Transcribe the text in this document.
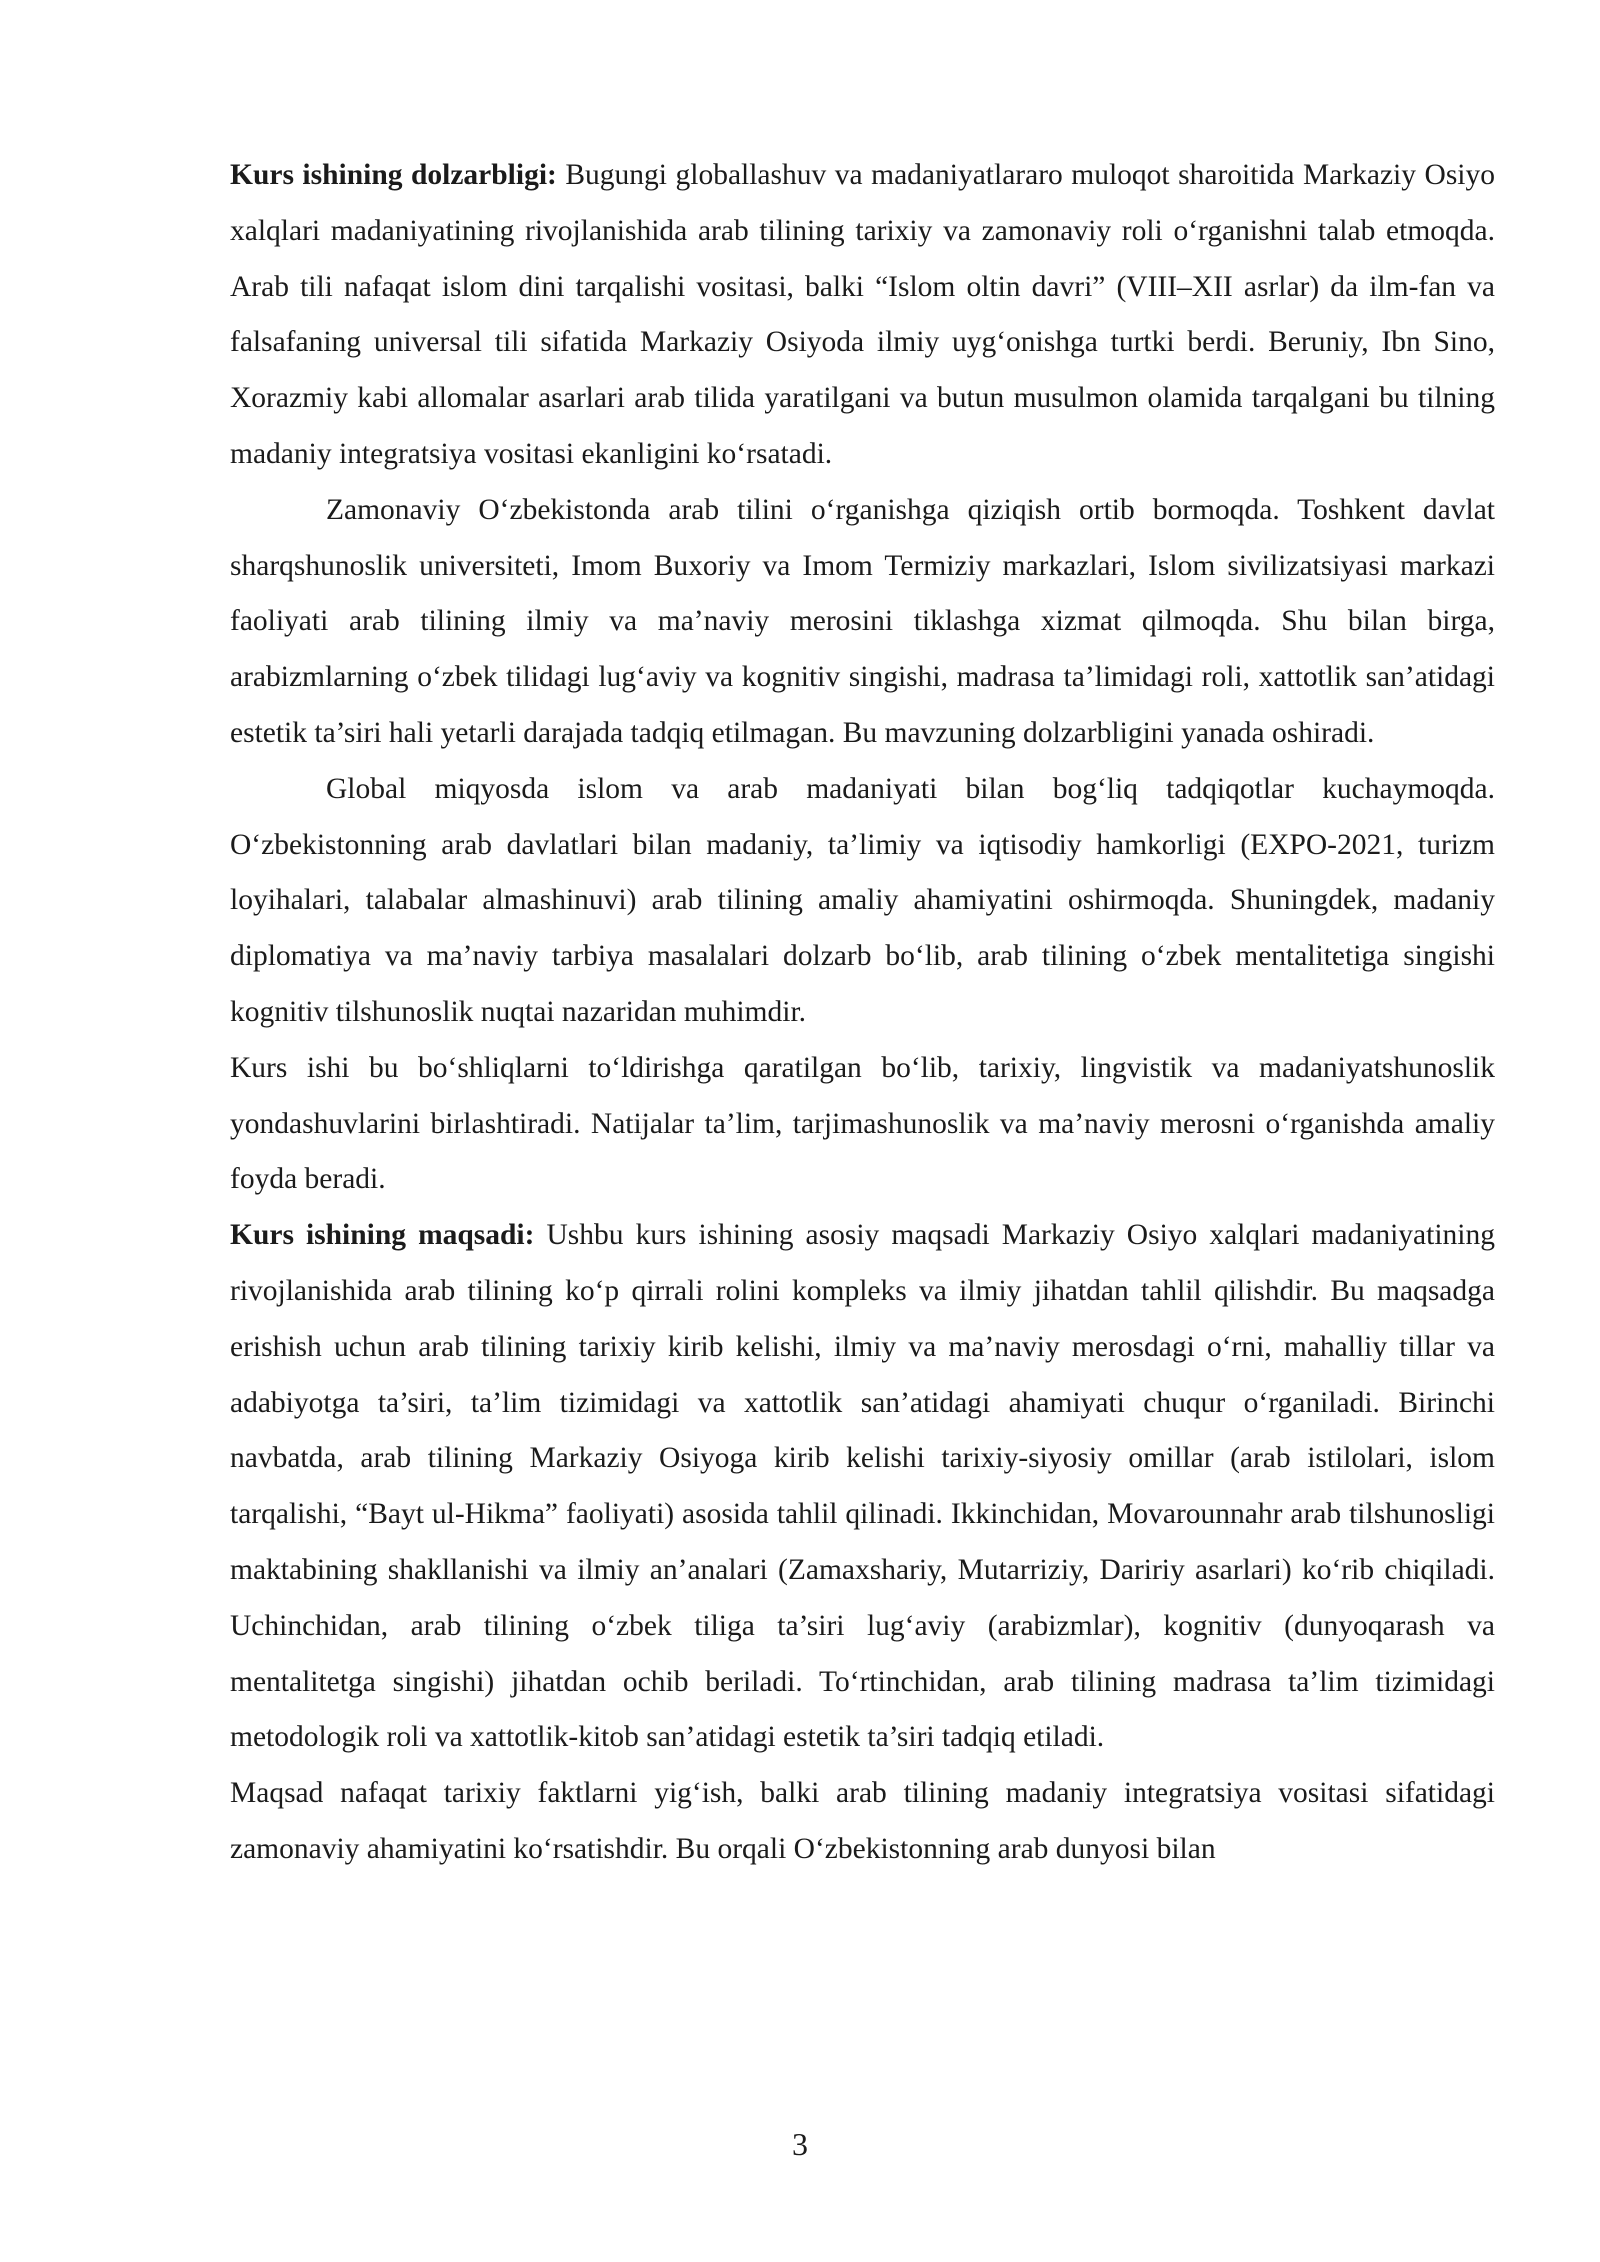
Kurs ishining dolzarbligi: Bugungi globallashuv va madaniyatlararo muloqot sharoitida Markaziy Osiyo xalqlari madaniyatining rivojlanishida arab tilining tarixiy va zamonaviy roli oʻrganishni talab etmoqda. Arab tili nafaqat islom dini tarqalishi vositasi, balki “Islom oltin davri” (VIII–XII asrlar) da ilm-fan va falsafaning universal tili sifatida Markaziy Osiyoda ilmiy uygʻonishga turtki berdi. Beruniy, Ibn Sino, Xorazmiy kabi allomalar asarlari arab tilida yaratilgani va butun musulmon olamida tarqalgani bu tilning madaniy integratsiya vositasi ekanligini koʻrsatadi.

Zamonaviy Oʻzbekistonda arab tilini oʻrganishga qiziqish ortib bormoqda. Toshkent davlat sharqshunoslik universiteti, Imom Buxoriy va Imom Termiziy markazlari, Islom sivilizatsiyasi markazi faoliyati arab tilining ilmiy va ma’naviy merosini tiklashga xizmat qilmoqda. Shu bilan birga, arabizmlarning oʻzbek tilidagi lugʻaviy va kognitiv singishi, madrasa ta’limidagi roli, xattotlik san’atidagi estetik ta’siri hali yetarli darajada tadqiq etilmagan. Bu mavzuning dolzarbligini yanada oshiradi.

Global miqyosda islom va arab madaniyati bilan bogʻliq tadqiqotlar kuchaymoqda. Oʻzbekistonning arab davlatlari bilan madaniy, ta’limiy va iqtisodiy hamkorligi (EXPO-2021, turizm loyihalari, talabalar almashinuvi) arab tilining amaliy ahamiyatini oshirmoqda. Shuningdek, madaniy diplomatiya va ma’naviy tarbiya masalalari dolzarb boʻlib, arab tilining oʻzbek mentalitetiga singishi kognitiv tilshunoslik nuqtai nazaridan muhimdir.

Kurs ishi bu boʻshliqlarni toʻldirishga qaratilgan boʻlib, tarixiy, lingvistik va madaniyatshunoslik yondashuvlarini birlashtiradi. Natijalar ta’lim, tarjimashunoslik va ma’naviy merosni oʻrganishda amaliy foyda beradi.

Kurs ishining maqsadi: Ushbu kurs ishining asosiy maqsadi Markaziy Osiyo xalqlari madaniyatining rivojlanishida arab tilining koʻp qirrali rolini kompleks va ilmiy jihatdan tahlil qilishdir. Bu maqsadga erishish uchun arab tilining tarixiy kirib kelishi, ilmiy va ma’naviy merosdagi oʻrni, mahalliy tillar va adabiyotga ta’siri, ta’lim tizimidagi va xattotlik san’atidagi ahamiyati chuqur oʻrganiladi. Birinchi navbatda, arab tilining Markaziy Osiyoga kirib kelishi tarixiy-siyosiy omillar (arab istilolari, islom tarqalishi, “Bayt ul-Hikma” faoliyati) asosida tahlil qilinadi. Ikkinchidan, Movarounnahr arab tilshunosligi maktabining shakllanishi va ilmiy an’analari (Zamaxshariy, Mutarriziy, Daririy asarlari) koʻrib chiqiladi. Uchinchidan, arab tilining oʻzbek tiliga ta’siri lugʻaviy (arabizmlar), kognitiv (dunyoqarash va mentalitetga singishi) jihatdan ochib beriladi. Toʻrtinchidan, arab tilining madrasa ta’lim tizimidagi metodologik roli va xattotlik-kitob san’atidagi estetik ta’siri tadqiq etiladi.

Maqsad nafaqat tarixiy faktlarni yigʻish, balki arab tilining madaniy integratsiya vositasi sifatidagi zamonaviy ahamiyatini koʻrsatishdir. Bu orqali Oʻzbekistonning arab dunyosi bilan

3
